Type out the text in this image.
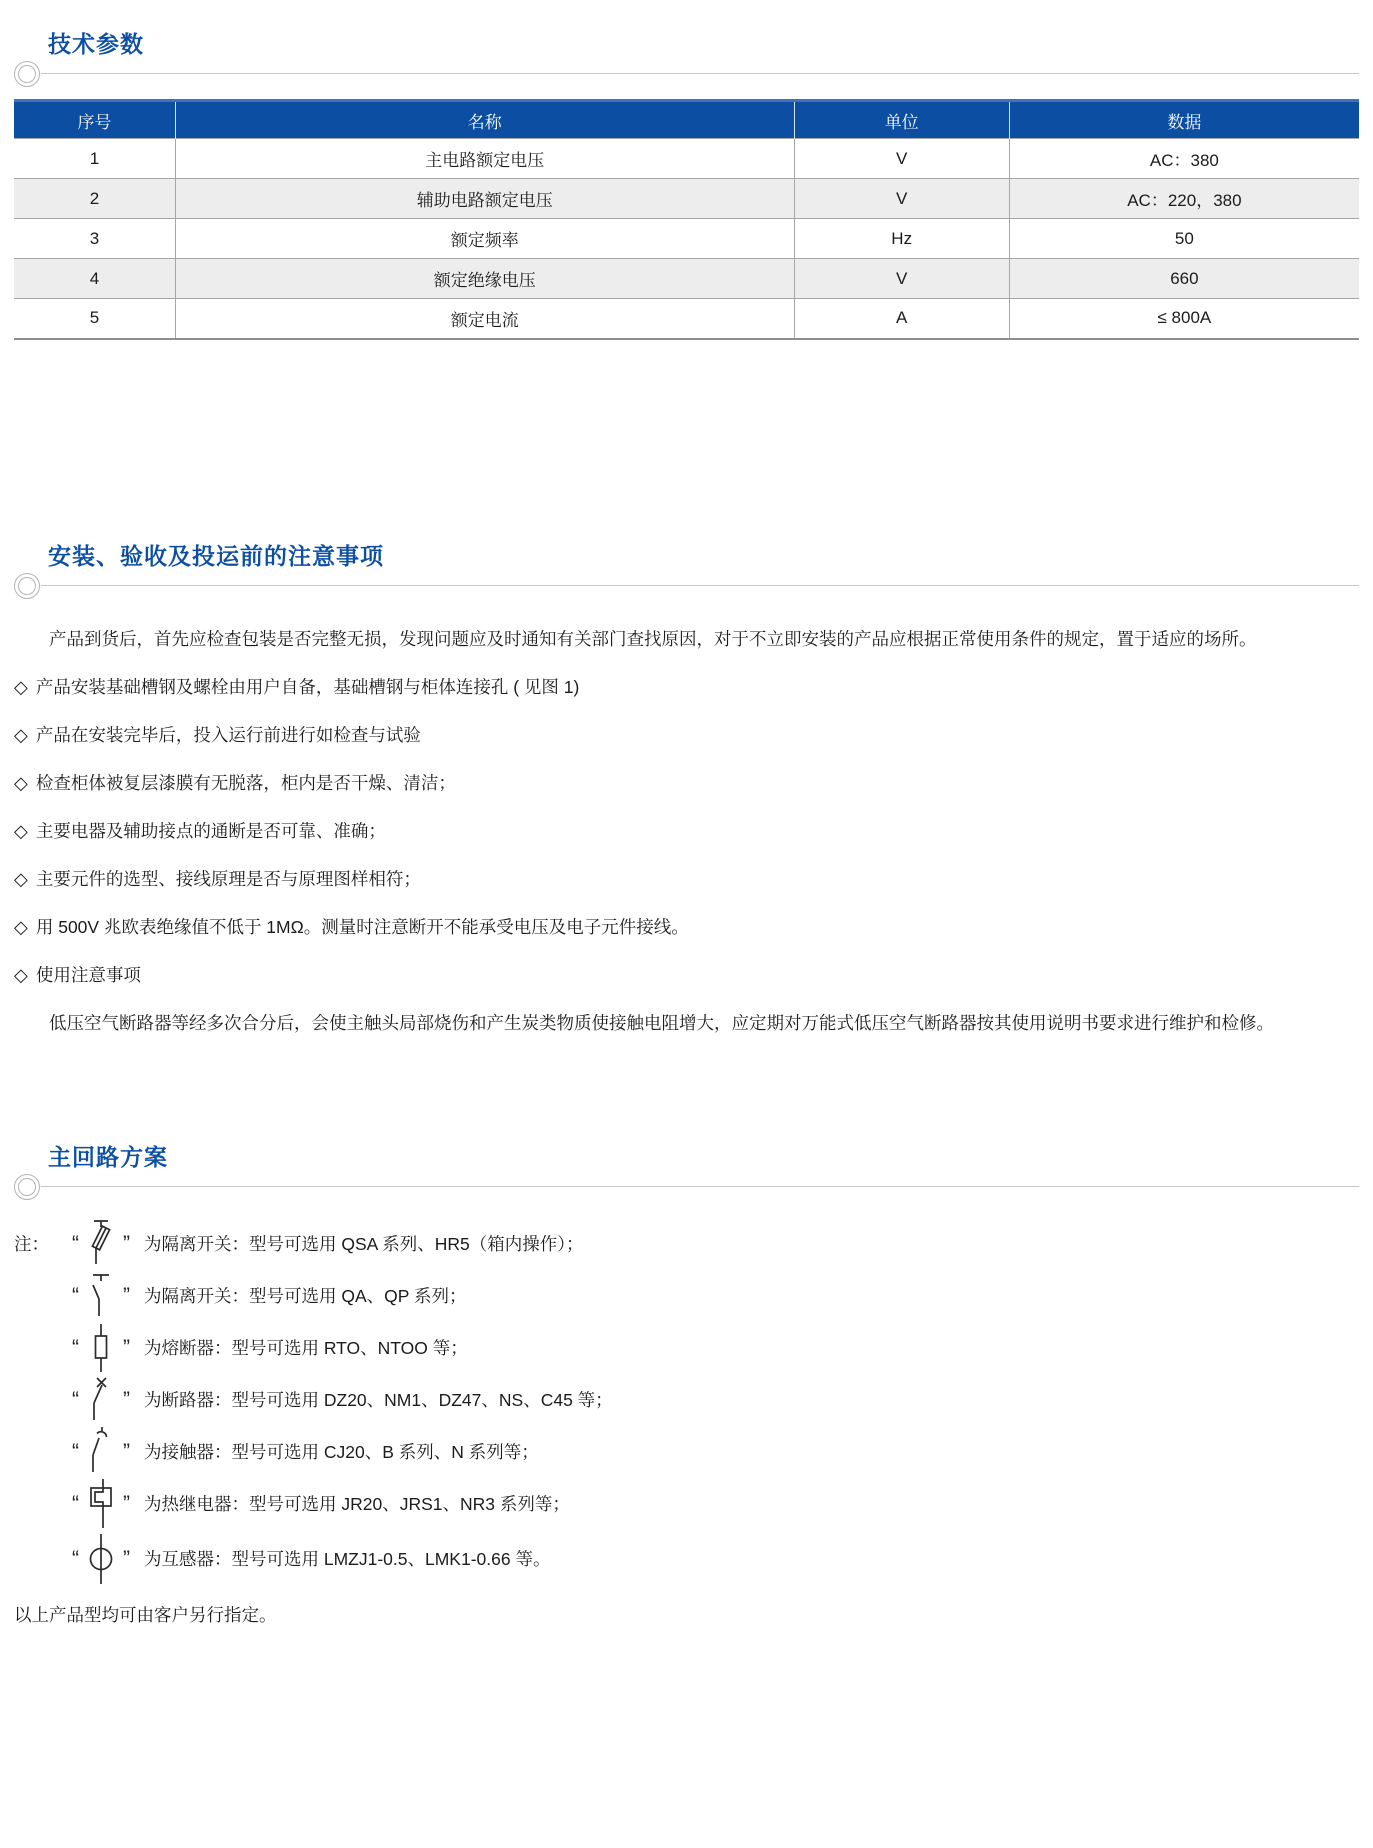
技术参数
序号	名称	单位	数据
1	主电路额定电压	V	AC：380
2	辅助电路额定电压	V	AC：220，380
3	额定频率	Hz	50
4	额定绝缘电压	V	660
5	额定电流	A	≤ 800A
安装、验收及投运前的注意事项

产品到货后，首先应检查包装是否完整无损，发现问题应及时通知有关部门查找原因，对于不立即安装的产品应根据正常使用条件的规定，置于适应的场所。

◇ 产品安装基础槽钢及螺栓由用户自备，基础槽钢与柜体连接孔 ( 见图 1)
◇ 产品在安装完毕后，投入运行前进行如检查与试验
◇ 检查柜体被复层漆膜有无脱落，柜内是否干燥、清洁；
◇ 主要电器及辅助接点的通断是否可靠、准确；
◇ 主要元件的选型、接线原理是否与原理图样相符；
◇ 用 500V 兆欧表绝缘值不低于 1MΩ。测量时注意断开不能承受电压及电子元件接线。
◇ 使用注意事项

低压空气断路器等经多次合分后，会使主触头局部烧伤和产生炭类物质使接触电阻增大，应定期对万能式低压空气断路器按其使用说明书要求进行维护和检修。

主回路方案
注：	“ ” 为隔离开关：型号可选用 QSA 系列、HR5（箱内操作）；
“ ” 为隔离开关：型号可选用 QA、QP 系列；
“ ” 为熔断器：型号可选用 RTO、NTOO 等；
“ ” 为断路器：型号可选用 DZ20、NM1、DZ47、NS、C45 等；
“ ” 为接触器：型号可选用 CJ20、B 系列、N 系列等；
“ ” 为热继电器：型号可选用 JR20、JRS1、NR3 系列等；
“ ” 为互感器：型号可选用 LMZJ1-0.5、LMK1-0.66 等。
以上产品型均可由客户另行指定。
